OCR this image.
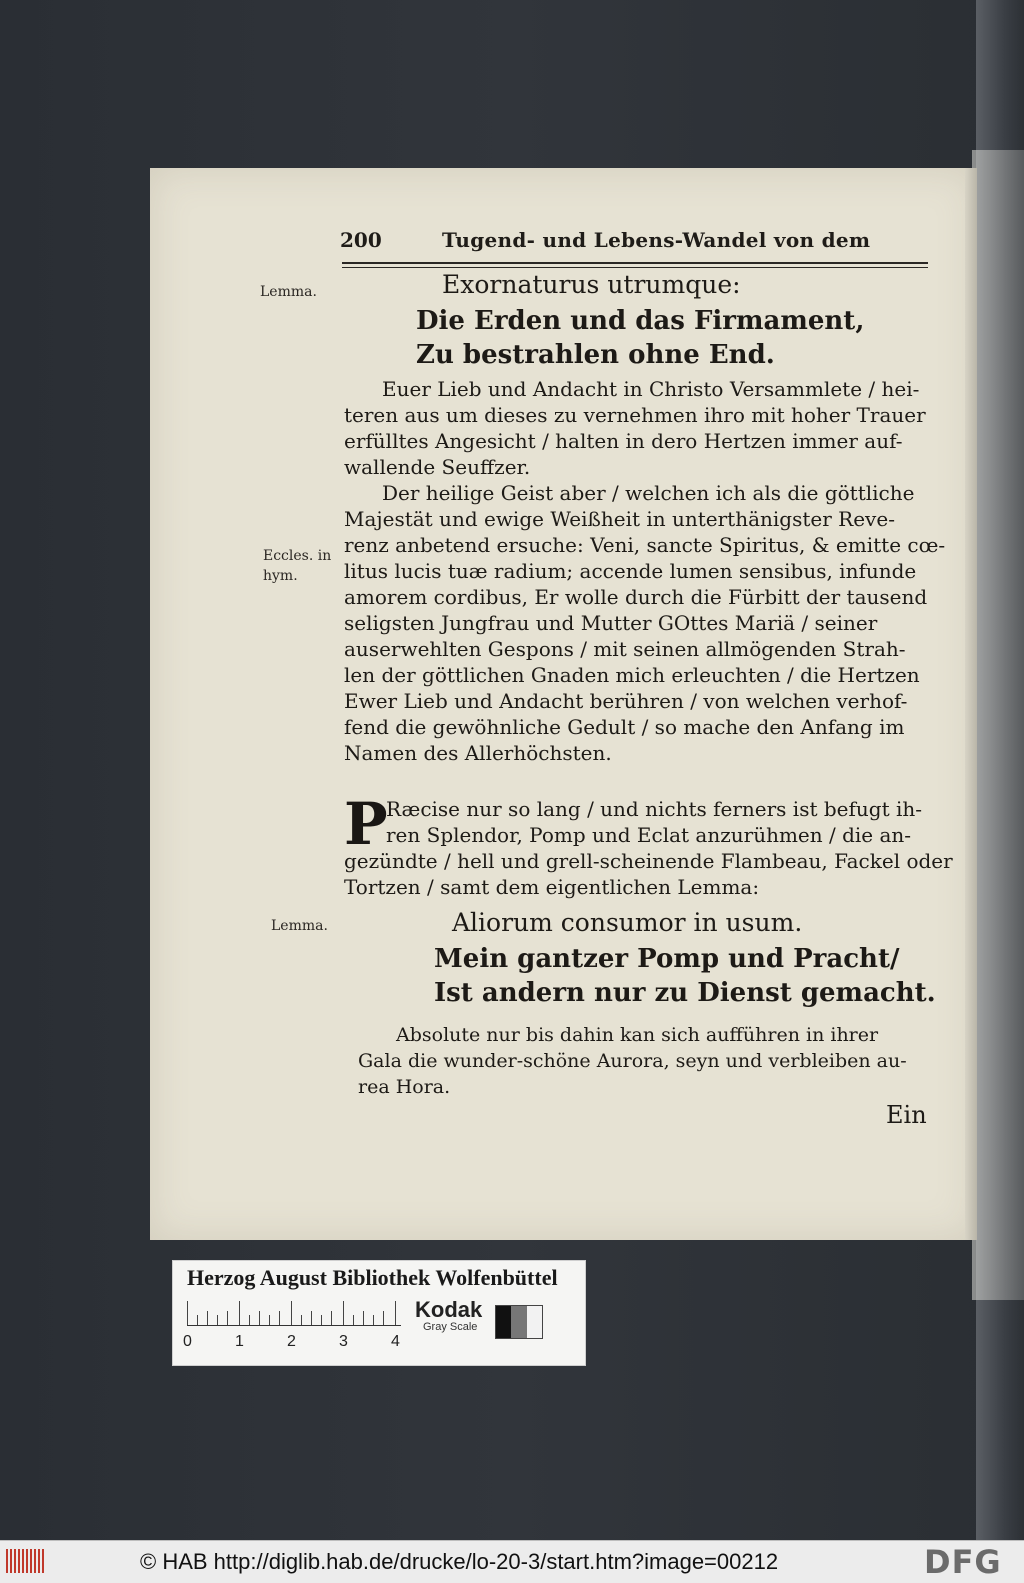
200	Tugend- und Lebens-Wandel von dem
Lemma.
Eccles. in
hym.
Lemma.
Exornaturus utrumque:
Die Erden und das Firmament,
Zu bestrahlen ohne End.
Euer Lieb und Andacht in Christo Versammlete / hei-
teren aus um dieses zu vernehmen ihro mit hoher Trauer
erfülltes Angesicht / halten in dero Hertzen immer auf-
wallende Seuffzer.
Der heilige Geist aber / welchen ich als die göttliche
Majestät und ewige Weißheit in unterthänigster Reve-
renz anbetend ersuche: Veni, sancte Spiritus, & emitte cœ-
litus lucis tuæ radium; accende lumen sensibus, infunde
amorem cordibus, Er wolle durch die Fürbitt der tausend
seligsten Jungfrau und Mutter GOttes Mariä / seiner
auserwehlten Gespons / mit seinen allmögenden Strah-
len der göttlichen Gnaden mich erleuchten / die Hertzen
Ewer Lieb und Andacht berühren / von welchen verhof-
fend die gewöhnliche Gedult / so mache den Anfang im
Namen des Allerhöchsten.
P
Ræcise nur so lang / und nichts ferners ist befugt ih-
ren Splendor, Pomp und Eclat anzurühmen / die an-
gezündte / hell und grell-scheinende Flambeau, Fackel oder
Tortzen / samt dem eigentlichen Lemma:
Aliorum consumor in usum.
Mein gantzer Pomp und Pracht/
Ist andern nur zu Dienst gemacht.
Absolute nur bis dahin kan sich aufführen in ihrer
Gala die wunder-schöne Aurora, seyn und verbleiben au-
rea Hora.
Ein
Herzog August Bibliothek Wolfenbüttel
0	1	2	3	4
Kodak
Gray Scale
© HAB http://diglib.hab.de/drucke/lo-20-3/start.htm?image=00212	DFG
